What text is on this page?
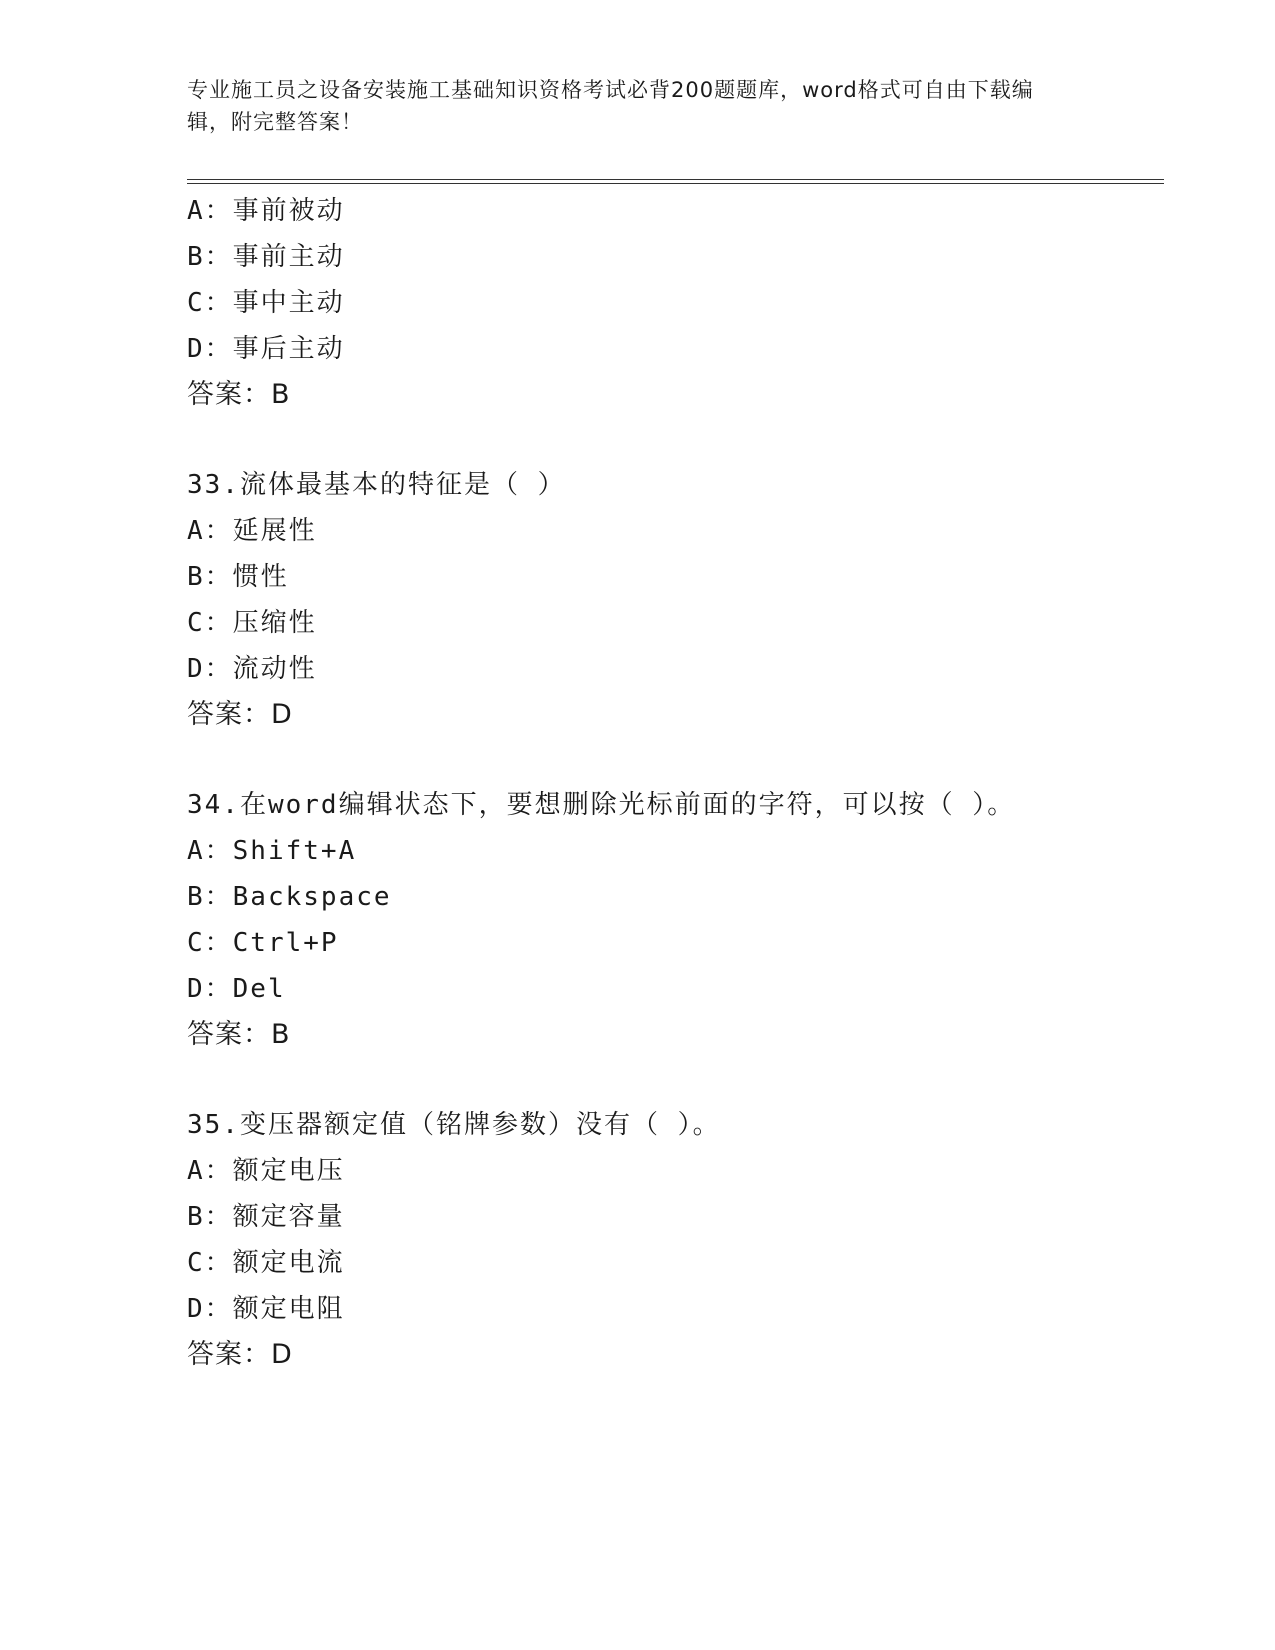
专业施工员之设备安装施工基础知识资格考试必背200题题库，word格式可自由下载编辑，附完整答案！
A：事前被动
B：事前主动
C：事中主动
D：事后主动
答案：B
33.流体最基本的特征是（ ）
A：延展性
B：惯性
C：压缩性
D：流动性
答案：D
34.在word编辑状态下，要想删除光标前面的字符，可以按（ ）。
A：Shift+A
B：Backspace
C：Ctrl+P
D：Del
答案：B
35.变压器额定值（铭牌参数）没有（ ）。
A：额定电压
B：额定容量
C：额定电流
D：额定电阻
答案：D
